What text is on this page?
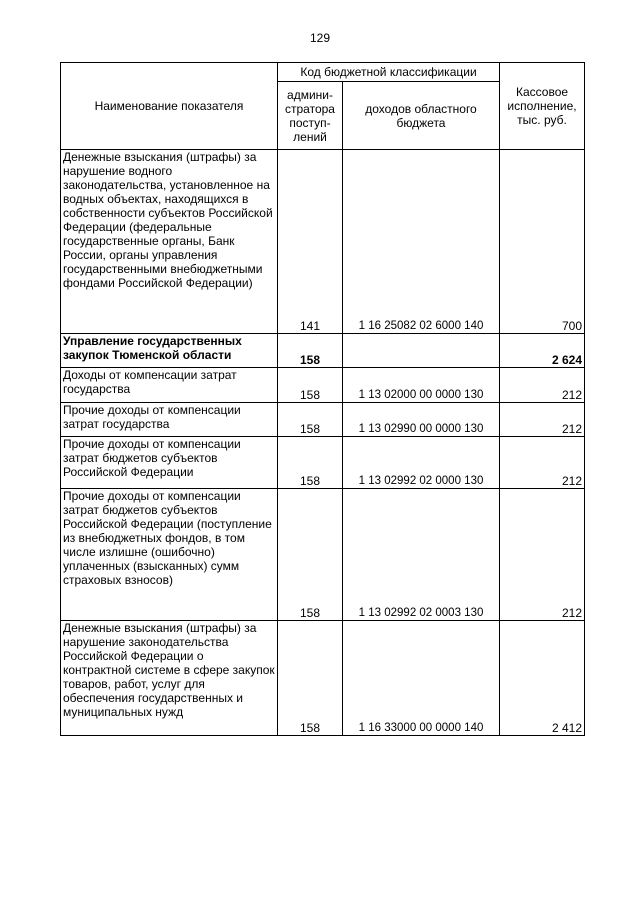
129
Наименование показателя	Код бюджетной классификации		Кассовое исполнение, тыс. руб.
	админи-стратора поступ-лений	доходов областного бюджета	
Денежные взыскания (штрафы) за нарушение водного законодательства, установленное на водных объектах, находящихся в собственности субъектов Российской Федерации (федеральные государственные органы, Банк России, органы управления государственными внебюджетными фондами Российской Федерации)	141	1 16 25082 02 6000 140	700
Управление государственных закупок Тюменской области	158		2 624
Доходы от компенсации затрат государства	158	1 13 02000 00 0000 130	212
Прочие доходы от компенсации затрат государства	158	1 13 02990 00 0000 130	212
Прочие доходы от компенсации затрат бюджетов субъектов Российской Федерации	158	1 13 02992 02 0000 130	212
Прочие доходы от компенсации затрат бюджетов субъектов Российской Федерации (поступление из внебюджетных фондов, в том числе излишне (ошибочно) уплаченных (взысканных) сумм страховых взносов)	158	1 13 02992 02 0003 130	212
Денежные взыскания (штрафы) за нарушение законодательства Российской Федерации о контрактной системе в сфере закупок товаров, работ, услуг для обеспечения государственных и муниципальных нужд	158	1 16 33000 00 0000 140	2 412
